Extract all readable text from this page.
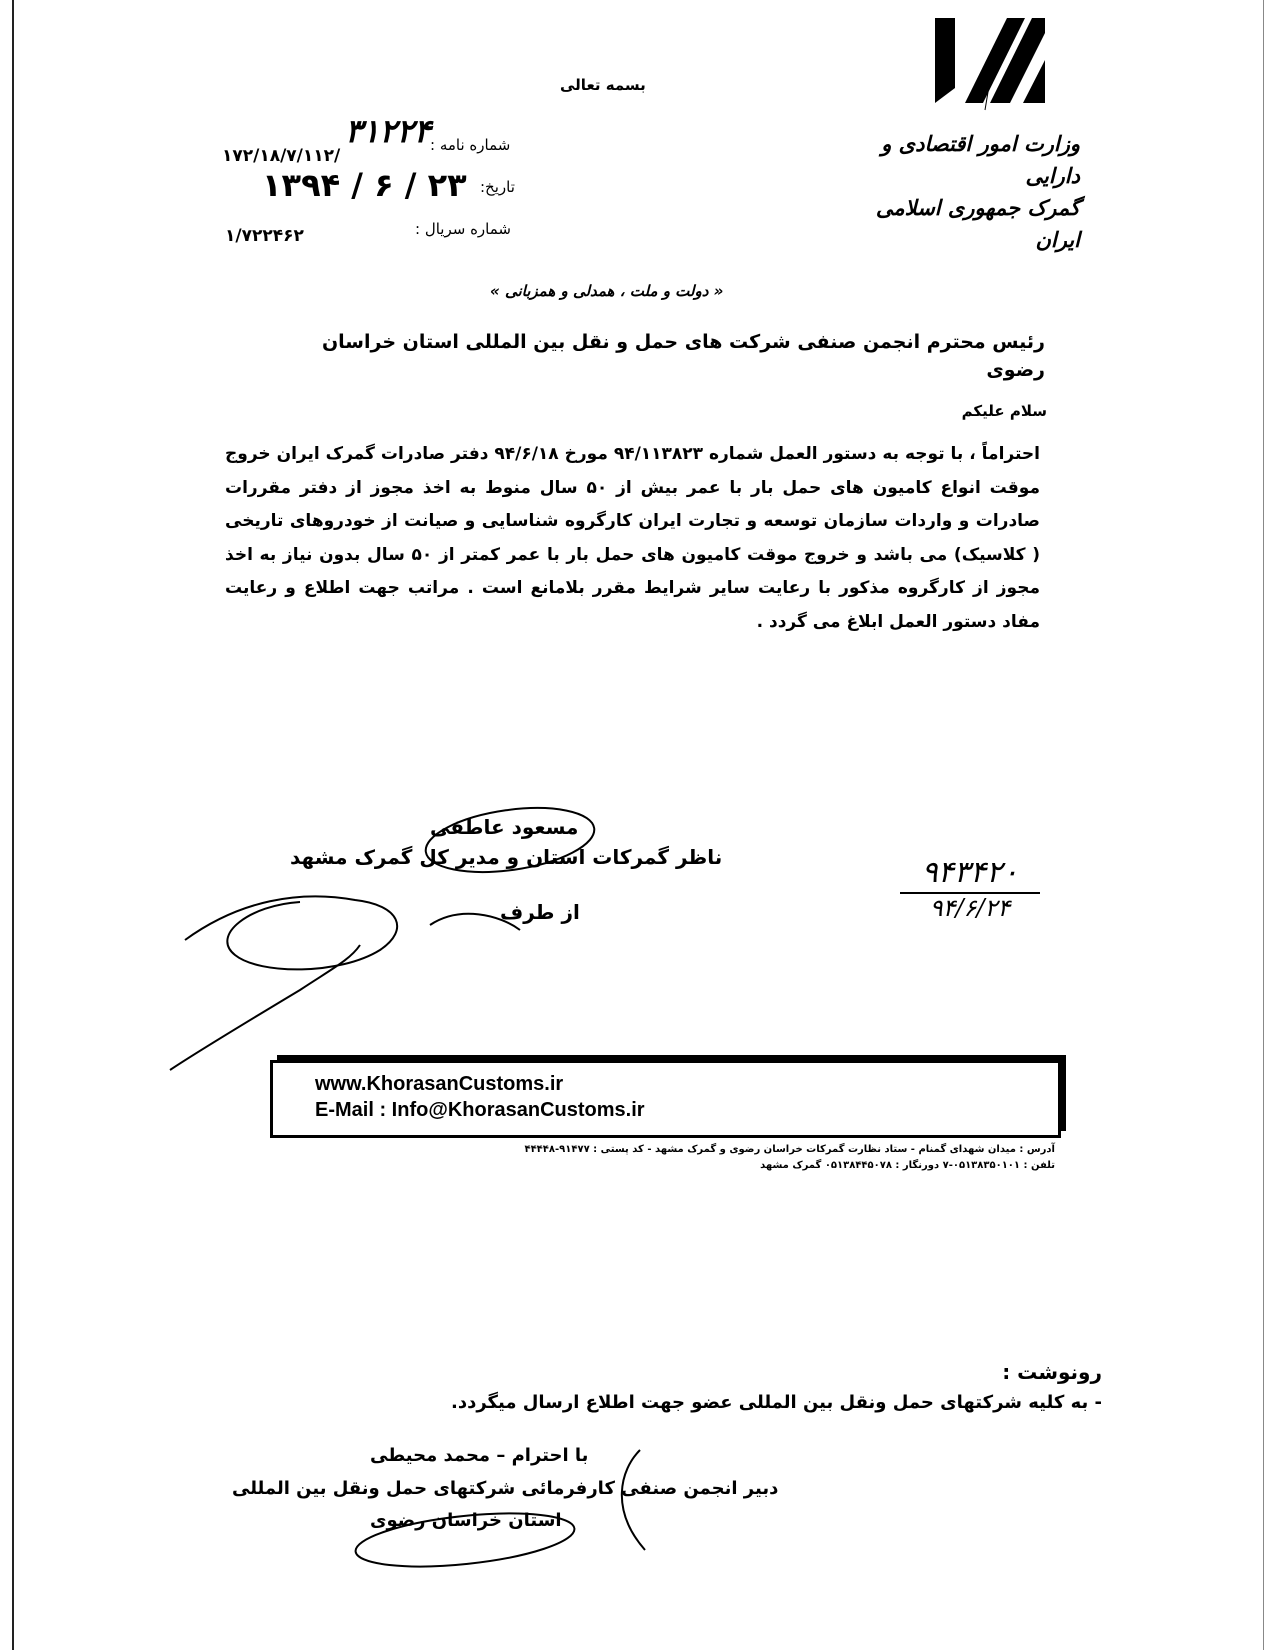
وزارت امور اقتصادی و دارایی
گمرک جمهوری اسلامی ایران
بسمه تعالی
شماره نامه :
۱۷۲/۱۸/۷/۱۱۲/
۳۱۲۲۴
تاریخ:
۱۳۹۴ / ۶ / ۲۳
شماره سریال :
۱/۷۲۲۴۶۲
« دولت و ملت ، همدلی و همزبانی »
رئیس محترم انجمن صنفی شرکت های حمل و نقل بین المللی استان خراسان رضوی
سلام علیکم
احتراماً ، با توجه به دستور العمل شماره ۹۴/۱۱۳۸۲۳ مورخ ۹۴/۶/۱۸ دفتر صادرات گمرک ایران خروج موقت انواع کامیون های حمل بار با عمر بیش از ۵۰ سال منوط به اخذ مجوز از دفتر مقررات صادرات و واردات سازمان توسعه و تجارت ایران کارگروه شناسایی و صیانت از خودروهای تاریخی ( کلاسیک) می باشد و خروج موقت کامیون های حمل بار با عمر کمتر از ۵۰ سال بدون نیاز به اخذ مجوز از کارگروه مذکور با رعایت سایر شرایط مقرر بلامانع است . مراتب جهت اطلاع و رعایت مفاد دستور العمل ابلاغ می گردد .
مسعود عاطفی
ناظر گمرکات استان و مدیر کل گمرک مشهد
از طرف
۹۴۳۴۲۰
۹۴/۶/۲۴
www.KhorasanCustoms.ir
E-Mail : Info@KhorasanCustoms.ir
آدرس : میدان شهدای گمنام - ستاد نظارت گمرکات خراسان رضوی و گمرک مشهد - کد پستی : ۹۱۴۷۷-۴۴۴۴۸
تلفن : ۰۵۱۳۸۳۵۰۱۰۱-۷ دورنگار : ۰۵۱۳۸۴۴۵۰۷۸ گمرک مشهد
رونوشت :
- به کلیه شرکتهای حمل ونقل بین المللی عضو جهت اطلاع ارسال میگردد.
با احترام – محمد محیطی
دبیر انجمن صنفی کارفرمائی شرکتهای حمل ونقل بین المللی
استان خراسان رضوی
